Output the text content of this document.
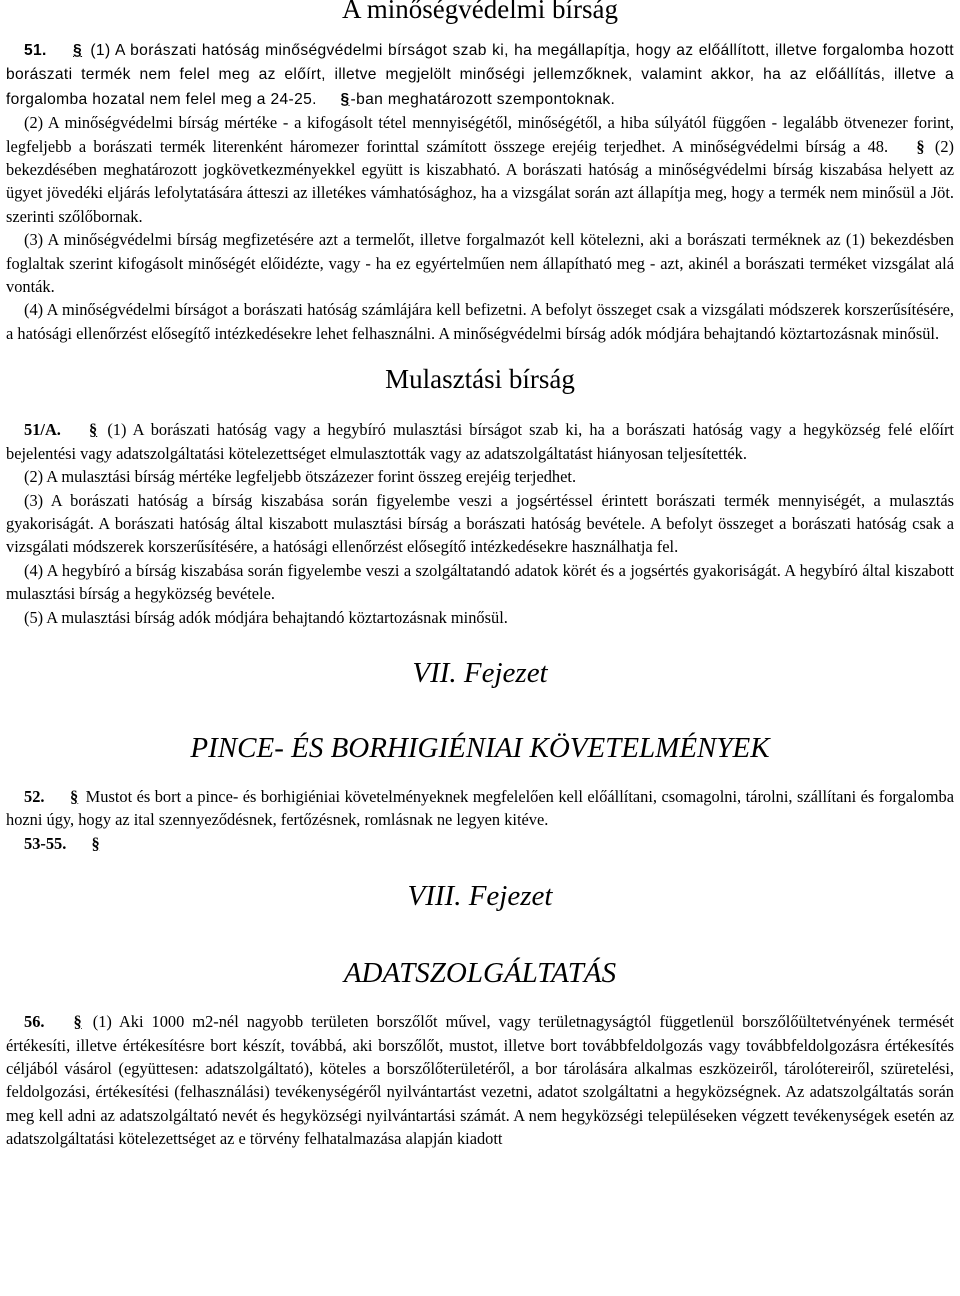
A minőségvédelmi bírság

51. § (1) A borászati hatóság minőségvédelmi bírságot szab ki, ha megállapítja, hogy az előállított, illetve forgalomba hozott borászati termék nem felel meg az előírt, illetve megjelölt minőségi jellemzőknek, valamint akkor, ha az előállítás, illetve a forgalomba hozatal nem felel meg a 24-25. §-ban meghatározott szempontoknak.

(2) A minőségvédelmi bírság mértéke - a kifogásolt tétel mennyiségétől, minőségétől, a hiba súlyától függően - legalább ötvenezer forint, legfeljebb a borászati termék literenként háromezer forinttal számított összege erejéig terjedhet. A minőségvédelmi bírság a 48. § (2) bekezdésében meghatározott jogkövetkezményekkel együtt is kiszabható. A borászati hatóság a minőségvédelmi bírság kiszabása helyett az ügyet jövedéki eljárás lefolytatására átteszi az illetékes vámhatósághoz, ha a vizsgálat során azt állapítja meg, hogy a termék nem minősül a Jöt. szerinti szőlőbornak.

(3) A minőségvédelmi bírság megfizetésére azt a termelőt, illetve forgalmazót kell kötelezni, aki a borászati terméknek az (1) bekezdésben foglaltak szerint kifogásolt minőségét előidézte, vagy - ha ez egyértelműen nem állapítható meg - azt, akinél a borászati terméket vizsgálat alá vonták.

(4) A minőségvédelmi bírságot a borászati hatóság számlájára kell befizetni. A befolyt összeget csak a vizsgálati módszerek korszerűsítésére, a hatósági ellenőrzést elősegítő intézkedésekre lehet felhasználni. A minőségvédelmi bírság adók módjára behajtandó köztartozásnak minősül.

Mulasztási bírság

51/A. § (1) A borászati hatóság vagy a hegybíró mulasztási bírságot szab ki, ha a borászati hatóság vagy a hegyközség felé előírt bejelentési vagy adatszolgáltatási kötelezettséget elmulasztották vagy az adatszolgáltatást hiányosan teljesítették.

(2) A mulasztási bírság mértéke legfeljebb ötszázezer forint összeg erejéig terjedhet.

(3) A borászati hatóság a bírság kiszabása során figyelembe veszi a jogsértéssel érintett borászati termék mennyiségét, a mulasztás gyakoriságát. A borászati hatóság által kiszabott mulasztási bírság a borászati hatóság bevétele. A befolyt összeget a borászati hatóság csak a vizsgálati módszerek korszerűsítésére, a hatósági ellenőrzést elősegítő intézkedésekre használhatja fel.

(4) A hegybíró a bírság kiszabása során figyelembe veszi a szolgáltatandó adatok körét és a jogsértés gyakoriságát. A hegybíró által kiszabott mulasztási bírság a hegyközség bevétele.

(5) A mulasztási bírság adók módjára behajtandó köztartozásnak minősül.

VII. Fejezet
PINCE- ÉS BORHIGIÉNIAI KÖVETELMÉNYEK

52. § Mustot és bort a pince- és borhigiéniai követelményeknek megfelelően kell előállítani, csomagolni, tárolni, szállítani és forgalomba hozni úgy, hogy az ital szennyeződésnek, fertőzésnek, romlásnak ne legyen kitéve.

53-55. §

VIII. Fejezet
ADATSZOLGÁLTATÁS

56. § (1) Aki 1000 m2-nél nagyobb területen borszőlőt művel, vagy területnagyságtól függetlenül borszőlőültetvényének termését értékesíti, illetve értékesítésre bort készít, továbbá, aki borszőlőt, mustot, illetve bort továbbfeldolgozás vagy továbbfeldolgozásra értékesítés céljából vásárol (együttesen: adatszolgáltató), köteles a borszőlőterületéről, a bor tárolására alkalmas eszközeiről, tárolótereiről, szüretelési, feldolgozási, értékesítési (felhasználási) tevékenységéről nyilvántartást vezetni, adatot szolgáltatni a hegyközségnek. Az adatszolgáltatás során meg kell adni az adatszolgáltató nevét és hegyközségi nyilvántartási számát. A nem hegyközségi településeken végzett tevékenységek esetén az adatszolgáltatási kötelezettséget az e törvény felhatalmazása alapján kiadott
